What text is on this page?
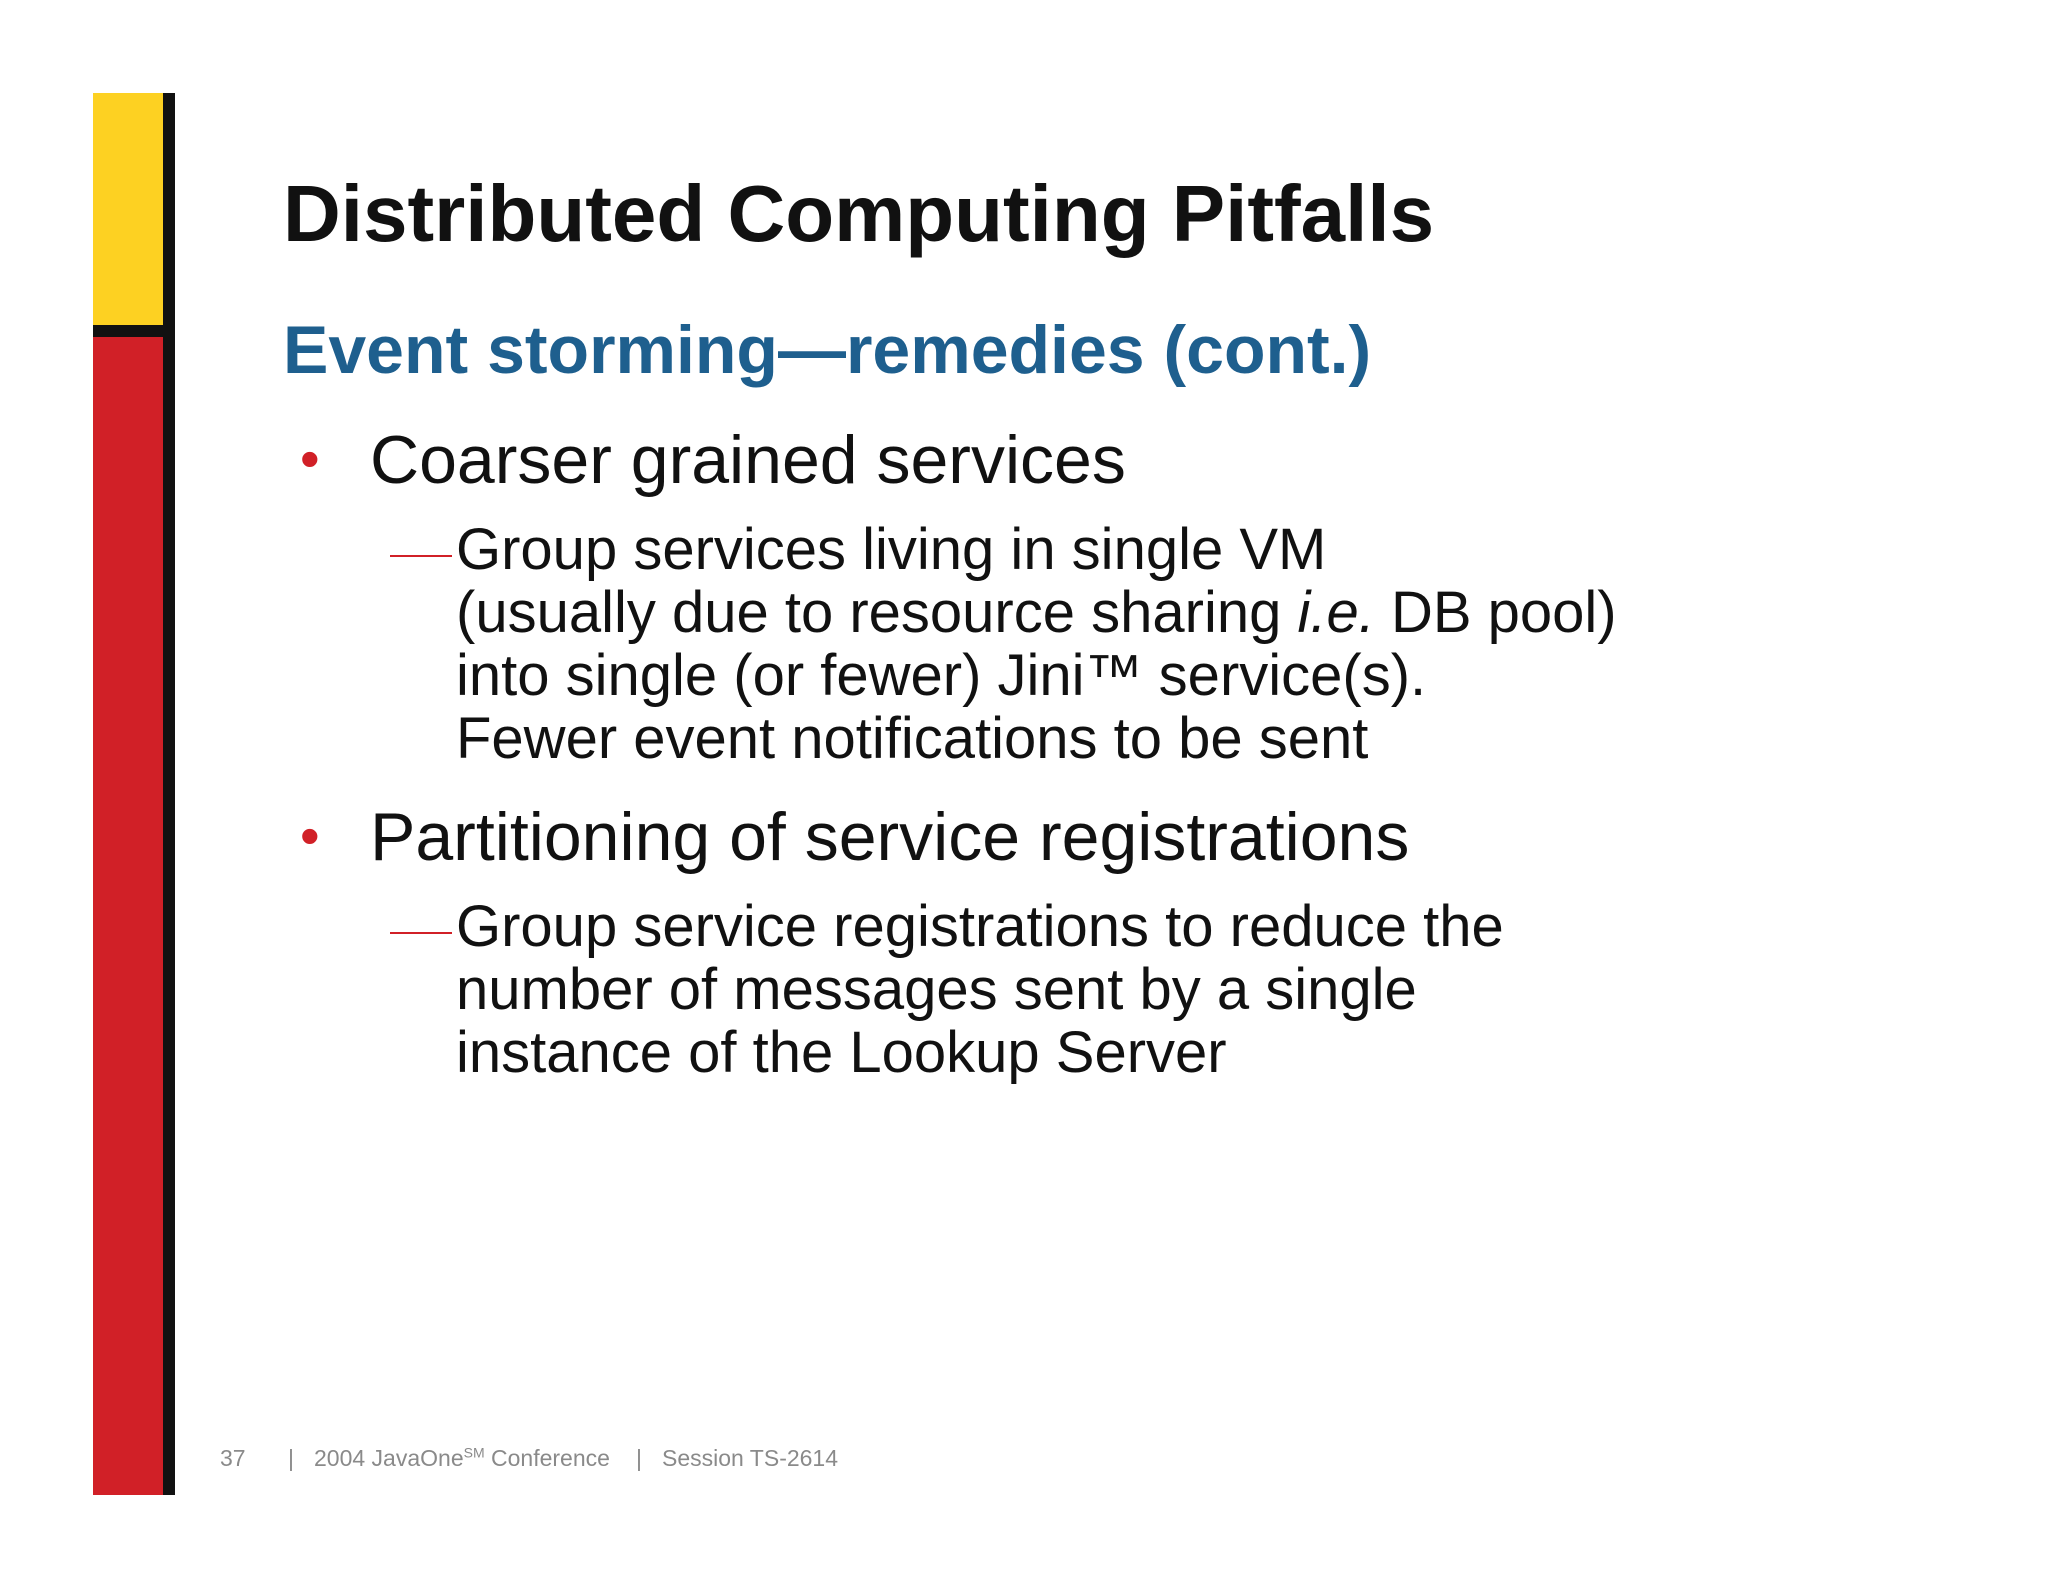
Distributed Computing Pitfalls
Event storming—remedies (cont.)
• Coarser grained services
Group services living in single VM
(usually due to resource sharing i.e. DB pool)
into single (or fewer) Jini™ service(s).
Fewer event notifications to be sent
• Partitioning of service registrations
Group service registrations to reduce the
number of messages sent by a single
instance of the Lookup Server
37 | 2004 JavaOne℠ Conference | Session TS-2614
